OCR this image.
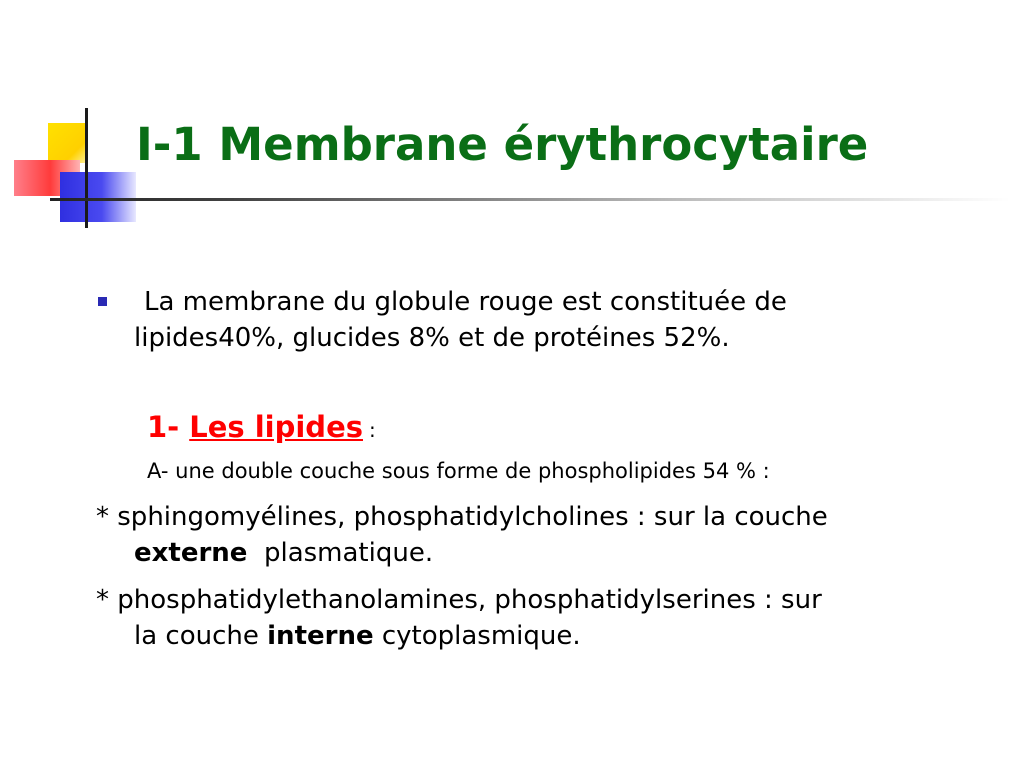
I-1 Membrane érythrocytaire
La membrane du globule rouge est constituée de
lipides40%, glucides 8% et de protéines 52%.
1- Les lipides :
A- une double couche sous forme de phospholipides 54 % :
* sphingomyélines, phosphatidylcholines : sur la couche
externe plasmatique.
* phosphatidylethanolamines, phosphatidylserines : sur
la couche interne cytoplasmique.
